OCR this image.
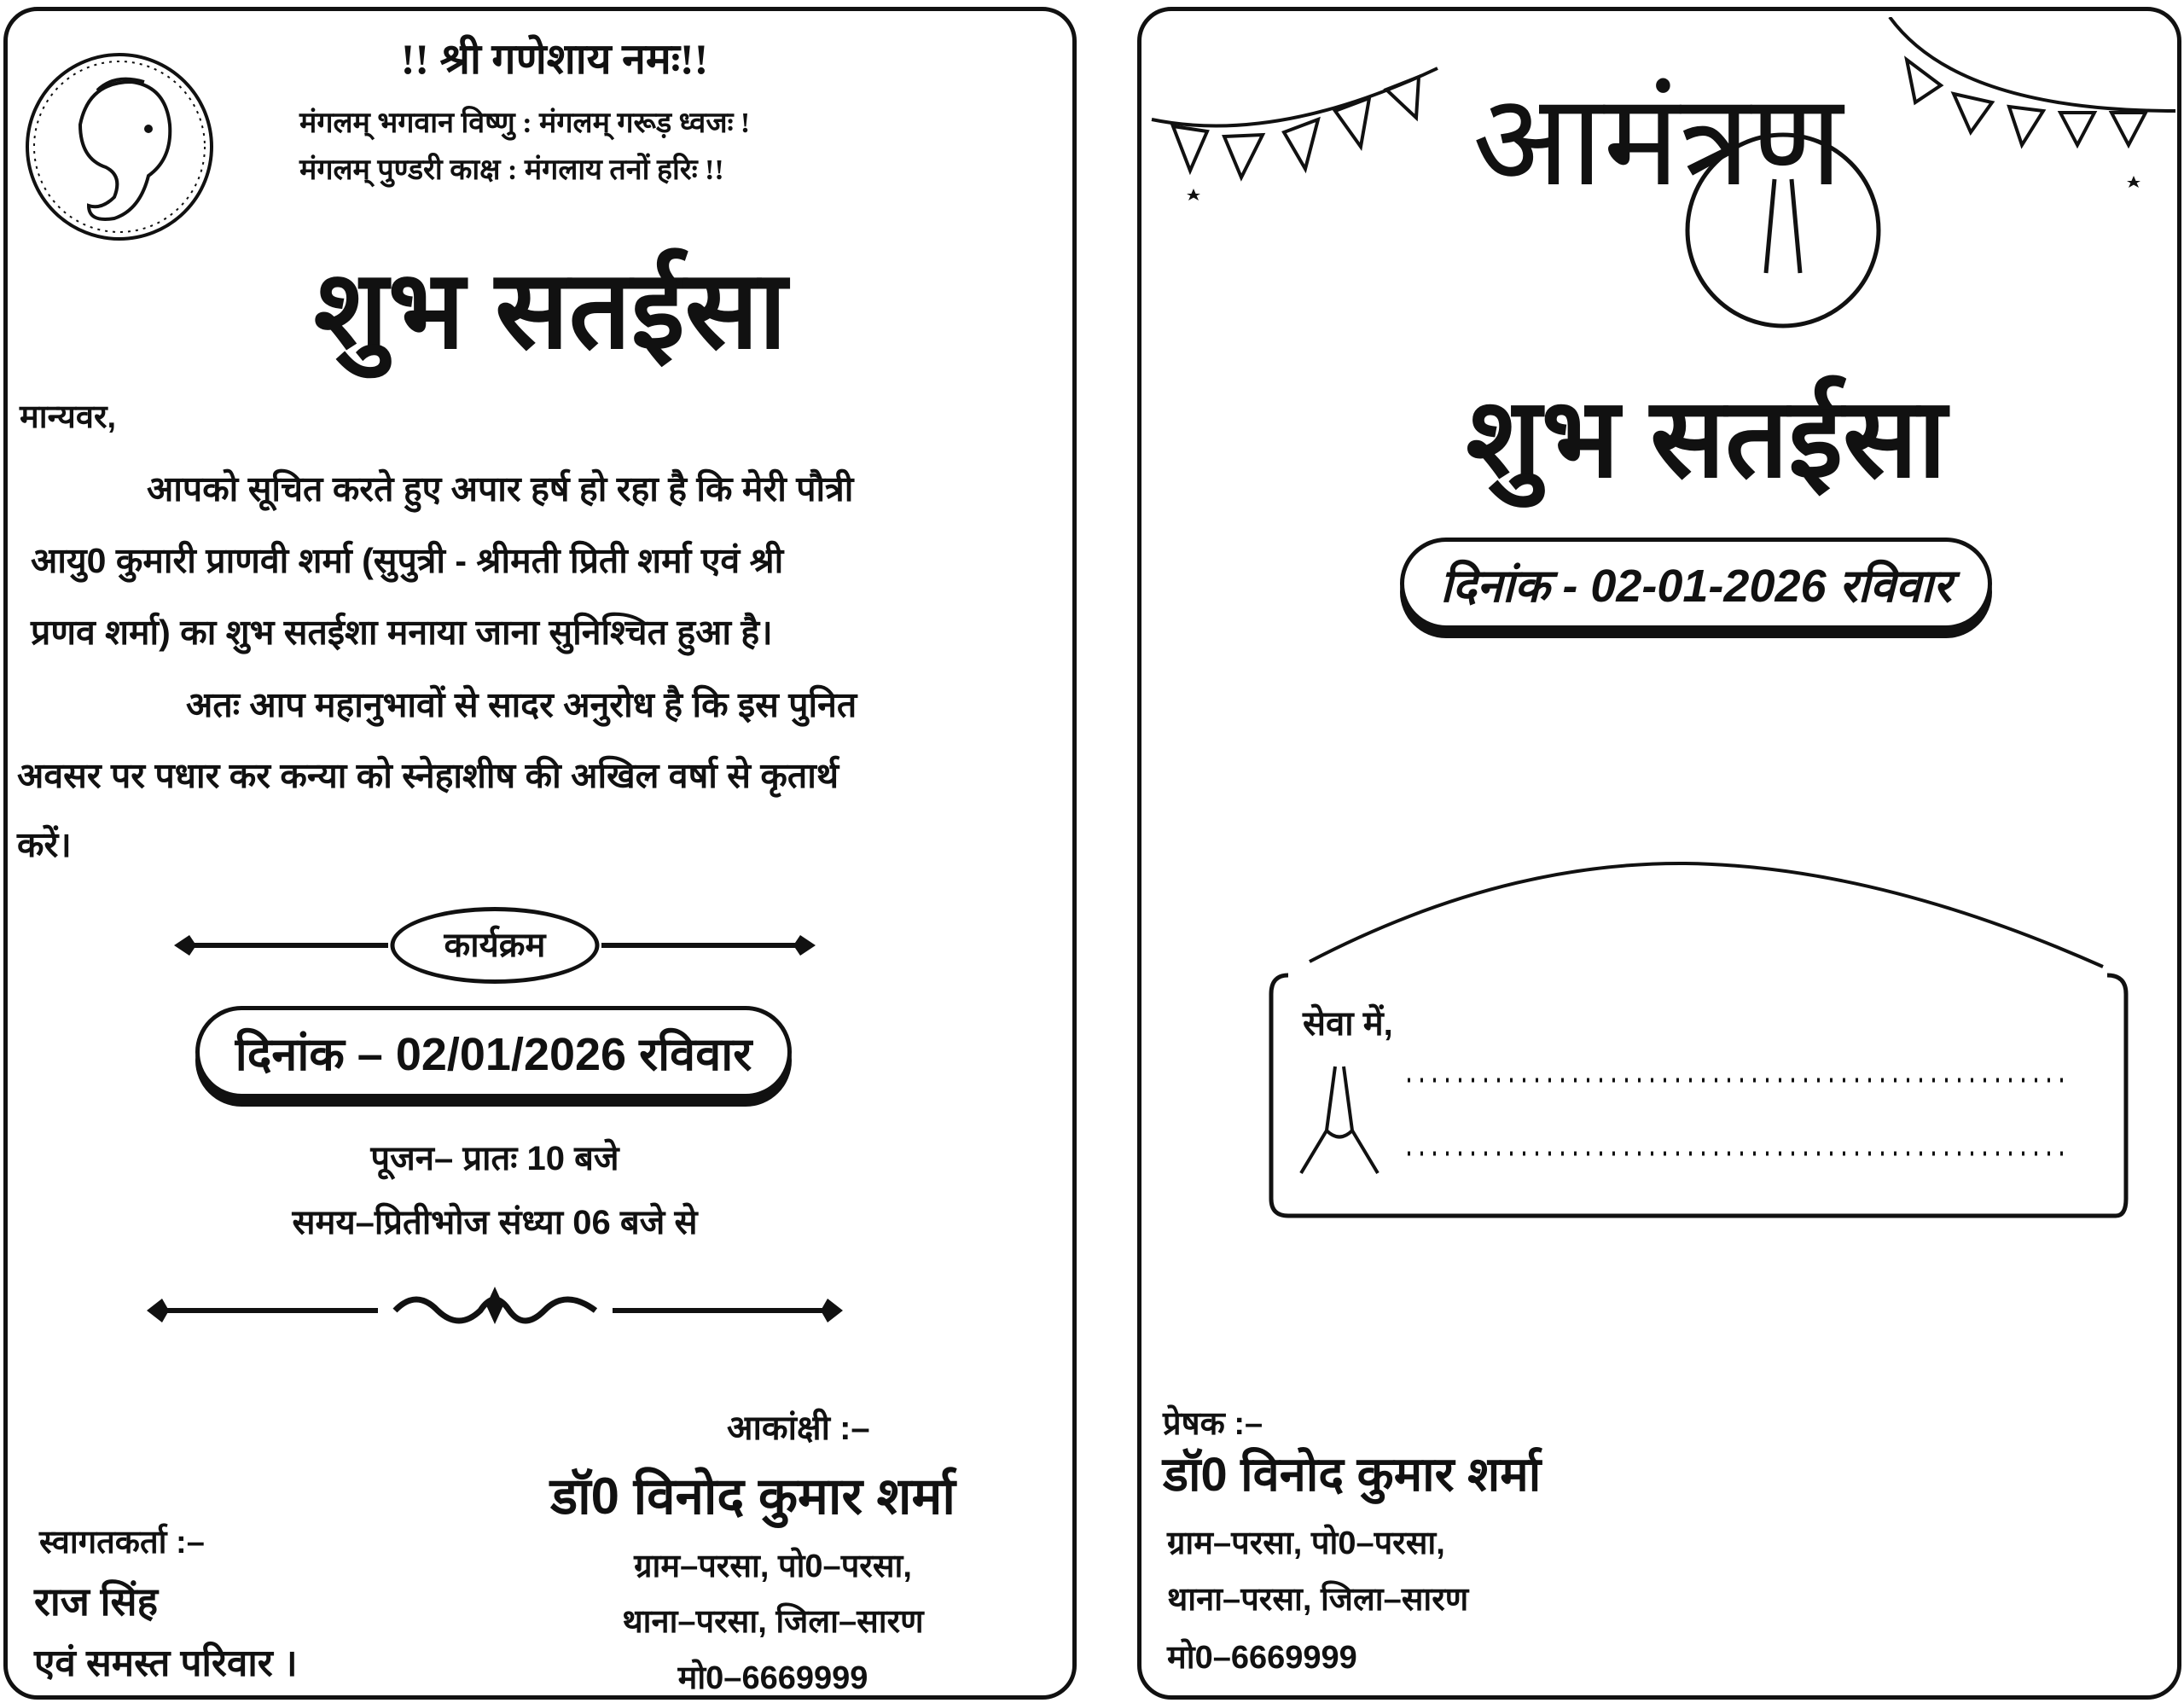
!! श्री गणेशाय नमः!!
मंगलम् भगवान विष्णु : मंगलम् गरूड़ ध्वजः !
मंगलम् पुण्डरी काक्ष : मंगलाय तनों हरिः !!
शुभ सतईसा
मान्यवर,
आपको सूचित करते हुए अपार हर्ष हो रहा है कि मेरी पौत्री
आयु0 कुमारी प्राणवी शर्मा (सुपुत्री - श्रीमती प्रिती शर्मा एवं श्री
प्रणव शर्मा) का शुभ सतईशा मनाया जाना सुनिश्चित हुआ है।
अतः आप महानुभावों से सादर अनुरोध है कि इस पुनित
अवसर पर पधार कर कन्या को स्नेहाशीष की अखिल वर्षा से कृतार्थ
करें।
कार्यक्रम
दिनांक – 02/01/2026 रविवार
पूजन– प्रातः 10 बजे
समय–प्रितीभोज संध्या 06 बजे से
आकांक्षी :–
डॉ0 विनोद कुमार शर्मा
ग्राम–परसा, पो0–परसा,
थाना–परसा, जिला–सारण
मो0–6669999
स्वागतकर्ता :–
राज सिंह
एवं समस्त परिवार ।
आमंत्रण
शुभ सतईसा
दिनांक - 02-01-2026 रविवार
सेवा में,
प्रेषक :–
डॉ0 विनोद कुमार शर्मा
ग्राम–परसा, पो0–परसा,
थाना–परसा, जिला–सारण
मो0–6669999
